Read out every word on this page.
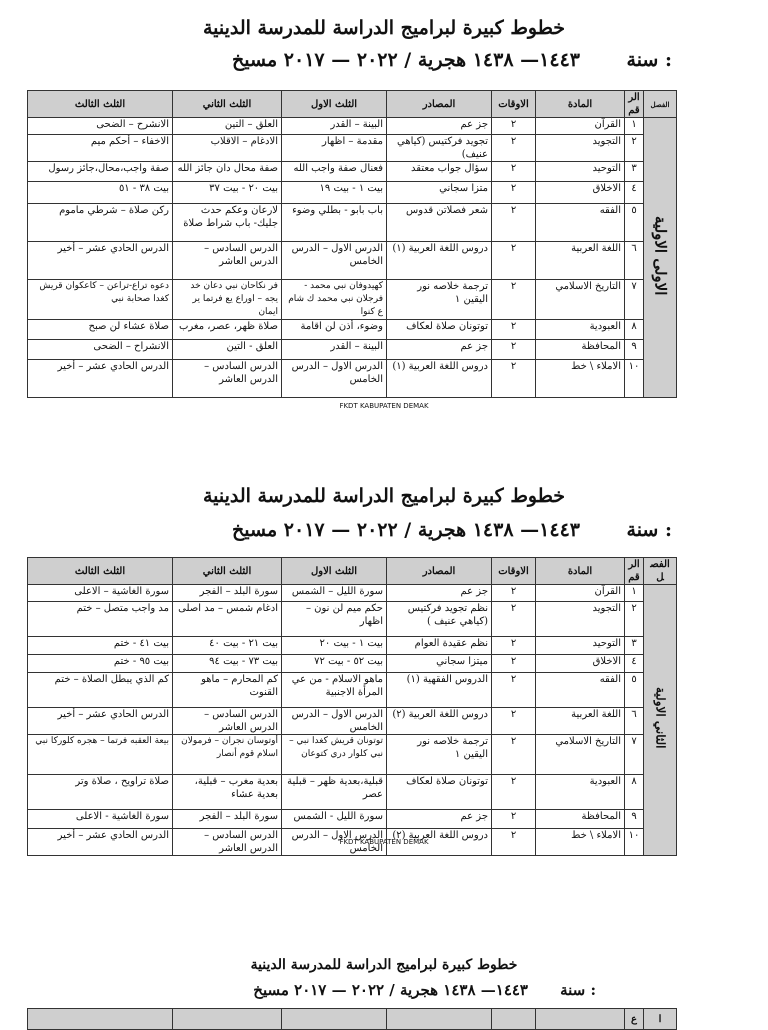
خطوط كبيرة لبراميج الدراسة للمدرسة الدينية
سنة :
١٤٤٣— ١٤٣٨ هجرية / ٢٠٢٢ — ٢٠١٧ مسيخ
الفصل	الرقم	المادة	الاوقات	المصادر	الثلث الاول	الثلث الثاني	الثلث الثالث
الاولى الاولية	١	القرآن	٢	جز عم	البينة – القدر	العلق – التين	الانشرح – الضحى
	٢	التجويد	٢	تجويد فركتيس (كياهي عنيف)	مقدمة – اظهار	الادغام – الاقلاب	الاخفاء – أحكم ميم
	٣	التوحيد	٢	سؤال جواب معتقد	فعنال صفة واجب الله	صفة محال دان جائز الله	صفة واجب،محال،جائز رسول
	٤	الاخلاق	٢	متزا سجاني	بيت ١ - بيت ١٩	بيت ٢٠ - بيت ٣٧	بيت ٣٨ - ٥١
	٥	الفقه	٢	شعر فصلاتن قدوس	باب بابو - بطلي وضوء	لارعان وعكم حدث جليك- باب شراط صلاة	ركن صلاة – شرطي ماموم
	٦	اللغة العربية	٢	دروس اللغة العربية (١)	الدرس الاول – الدرس الخامس	الدرس السادس – الدرس العاشر	الدرس الحادي عشر – أخير
	٧	التاريخ الاسلامي	٢	ترجمة خلاصه نور اليقين ١	كهيدوفان نبي محمد - فرجلان نبي محمد ك شام ع كنوا	فر نكاحان نبي دعان خد يجه – اوراع يع فرتما ير ايمان	دعوه تراع-تراعن – كاعكوان قريش كغدا صحابة نبي
	٨	العبودية	٢	توتونان صلاة لعكاف	وضوء، أذن لن اقامة	صلاة ظهر، عصر، مغرب	صلاة عشاء لن صبح
	٩	المحافظة	٢	جز عم	البينة – القدر	العلق - التين	الانشراح – الضحى
	١٠	الاملاء \ خط	٢	دروس اللغة العربية (١)	الدرس الاول – الدرس الخامس	الدرس السادس – الدرس العاشر	الدرس الحادي عشر – أخير
FKDT KABUPATEN DEMAK
خطوط كبيرة لبراميج الدراسة للمدرسة الدينية
سنة :
١٤٤٣— ١٤٣٨ هجرية / ٢٠٢٢ — ٢٠١٧ مسيخ
الفصل	الرقم	المادة	الاوقات	المصادر	الثلث الاول	الثلث الثاني	الثلث الثالث
الثاني الاولية	١	القرآن	٢	جز عم	سورة الليل – الشمس	سورة البلد – الفجر	سورة الغاشية – الاعلى
	٢	التجويد	٢	نظم تجويد فركتيس (كياهي عنيف )	حكم ميم لن نون – اظهار	ادغام شمس – مد اصلى	مد واجب متصل – ختم
	٣	التوحيد	٢	نظم عقيدة العوام	بيت ١ - بيت ٢٠	بيت ٢١ - بيت ٤٠	بيت ٤١ - ختم
	٤	الاخلاق	٢	ميتزا سجاني	بيت ٥٢ - بيت ٧٢	بيت ٧٣ - بيت ٩٤	بيت ٩٥ - ختم
	٥	الفقه	٢	الدروس الفقهية (١)	ماهو الاسلام - من عي المرأة الاجنبية	كم المحارم – ماهو القنوت	كم الذي يبطل الصلاة – ختم
	٦	اللغة العربية	٢	دروس اللغة العربية (٢)	الدرس الاول – الدرس الخامس	الدرس السادس – الدرس العاشر	الدرس الحادي عشر – أخير
	٧	التاريخ الاسلامي	٢	ترجمة خلاصه نور اليقين ١	توتونان قريش كغدا نبي – نبي كلوار دري كتوعان	أوتوسان نجران – فرمولان اسلام قوم أنصار	بيعة العقبه فرتما – هجره كلوركا نبي
	٨	العبودية	٢	توتونان صلاة لعكاف	قبلية،بعدية ظهر – قبلية عصر	بعدية مغرب – قبلية، بعدية عشاء	صلاة تراويح ، صلاة وتر
	٩	المحافظة	٢	جز عم	سورة الليل - الشمس	سورة البلد – الفجر	سورة الغاشية - الاعلى
	١٠	الاملاء \ خط	٢	دروس اللغة العربية (٢)	الدرس الاول – الدرس الخامس	الدرس السادس – الدرس العاشر	الدرس الحادي عشر – أخير
FKDT KABUPATEN DEMAK
خطوط كبيرة لبراميج الدراسة للمدرسة الدينية
سنة :
١٤٤٣— ١٤٣٨ هجرية / ٢٠٢٢ — ٢٠١٧ مسيخ
ا	ع						
